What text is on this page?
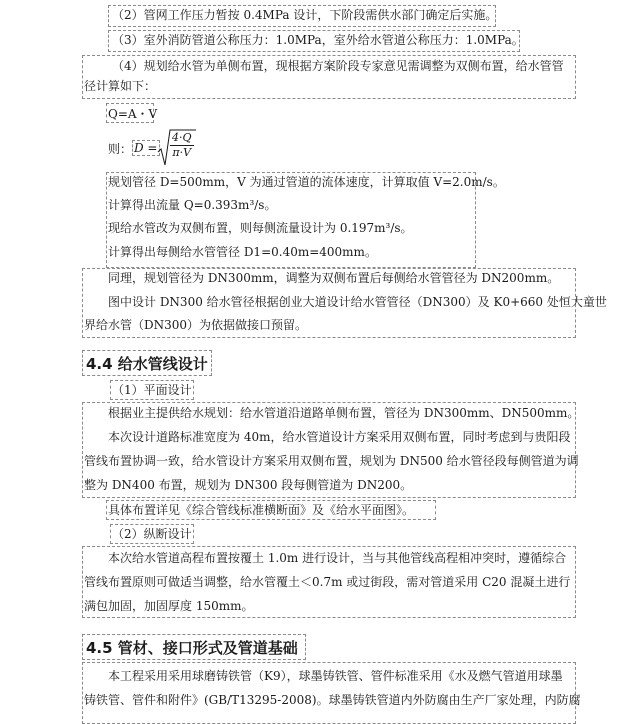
（2）管网工作压力暂按 0.4MPa 设计，下阶段需供水部门确定后实施。
（3）室外消防管道公称压力：1.0MPa，室外给水管道公称压力：1.0MPa。
（4）规划给水管为单侧布置，现根据方案阶段专家意见需调整为双侧布置，给水管管
径计算如下：
Q=A・V
则： $D = \frac{4\cdot Q}{\pi\cdot V}$
规划管径 D=500mm，V 为通过管道的流体速度，计算取值 V=2.0m/s。
计算得出流量 Q=0.393m³/s。
现给水管改为双侧布置，则每侧流量设计为 0.197m³/s。
计算得出每侧给水管管径 D1=0.40m=400mm。
同理，规划管径为 DN300mm，调整为双侧布置后每侧给水管管径为 DN200mm。
图中设计 DN300 给水管径根据创业大道设计给水管管径（DN300）及 K0+660 处恒大童世
界给水管（DN300）为依据做接口预留。
4.4 给水管线设计
（1）平面设计
根据业主提供给水规划：给水管道沿道路单侧布置，管径为 DN300mm、DN500mm。
本次设计道路标准宽度为 40m，给水管道设计方案采用双侧布置，同时考虑到与贵阳段
管线布置协调一致，给水管设计方案采用双侧布置，规划为 DN500 给水管径段每侧管道为调
整为 DN400 布置，规划为 DN300 段每侧管道为 DN200。
具体布置详见《综合管线标准横断面》及《给水平面图》。
（2）纵断设计
本次给水管道高程布置按覆土 1.0m 进行设计，当与其他管线高程相冲突时，遵循综合
管线布置原则可做适当调整，给水管覆土＜0.7m 或过街段，需对管道采用 C20 混凝土进行
满包加固，加固厚度 150mm。
4.5 管材、接口形式及管道基础
本工程采用采用球磨铸铁管（K9），球墨铸铁管、管件标准采用《水及燃气管道用球墨
铸铁管、管件和附件》(GB/T13295-2008)。球墨铸铁管道内外防腐由生产厂家处理，内防腐
